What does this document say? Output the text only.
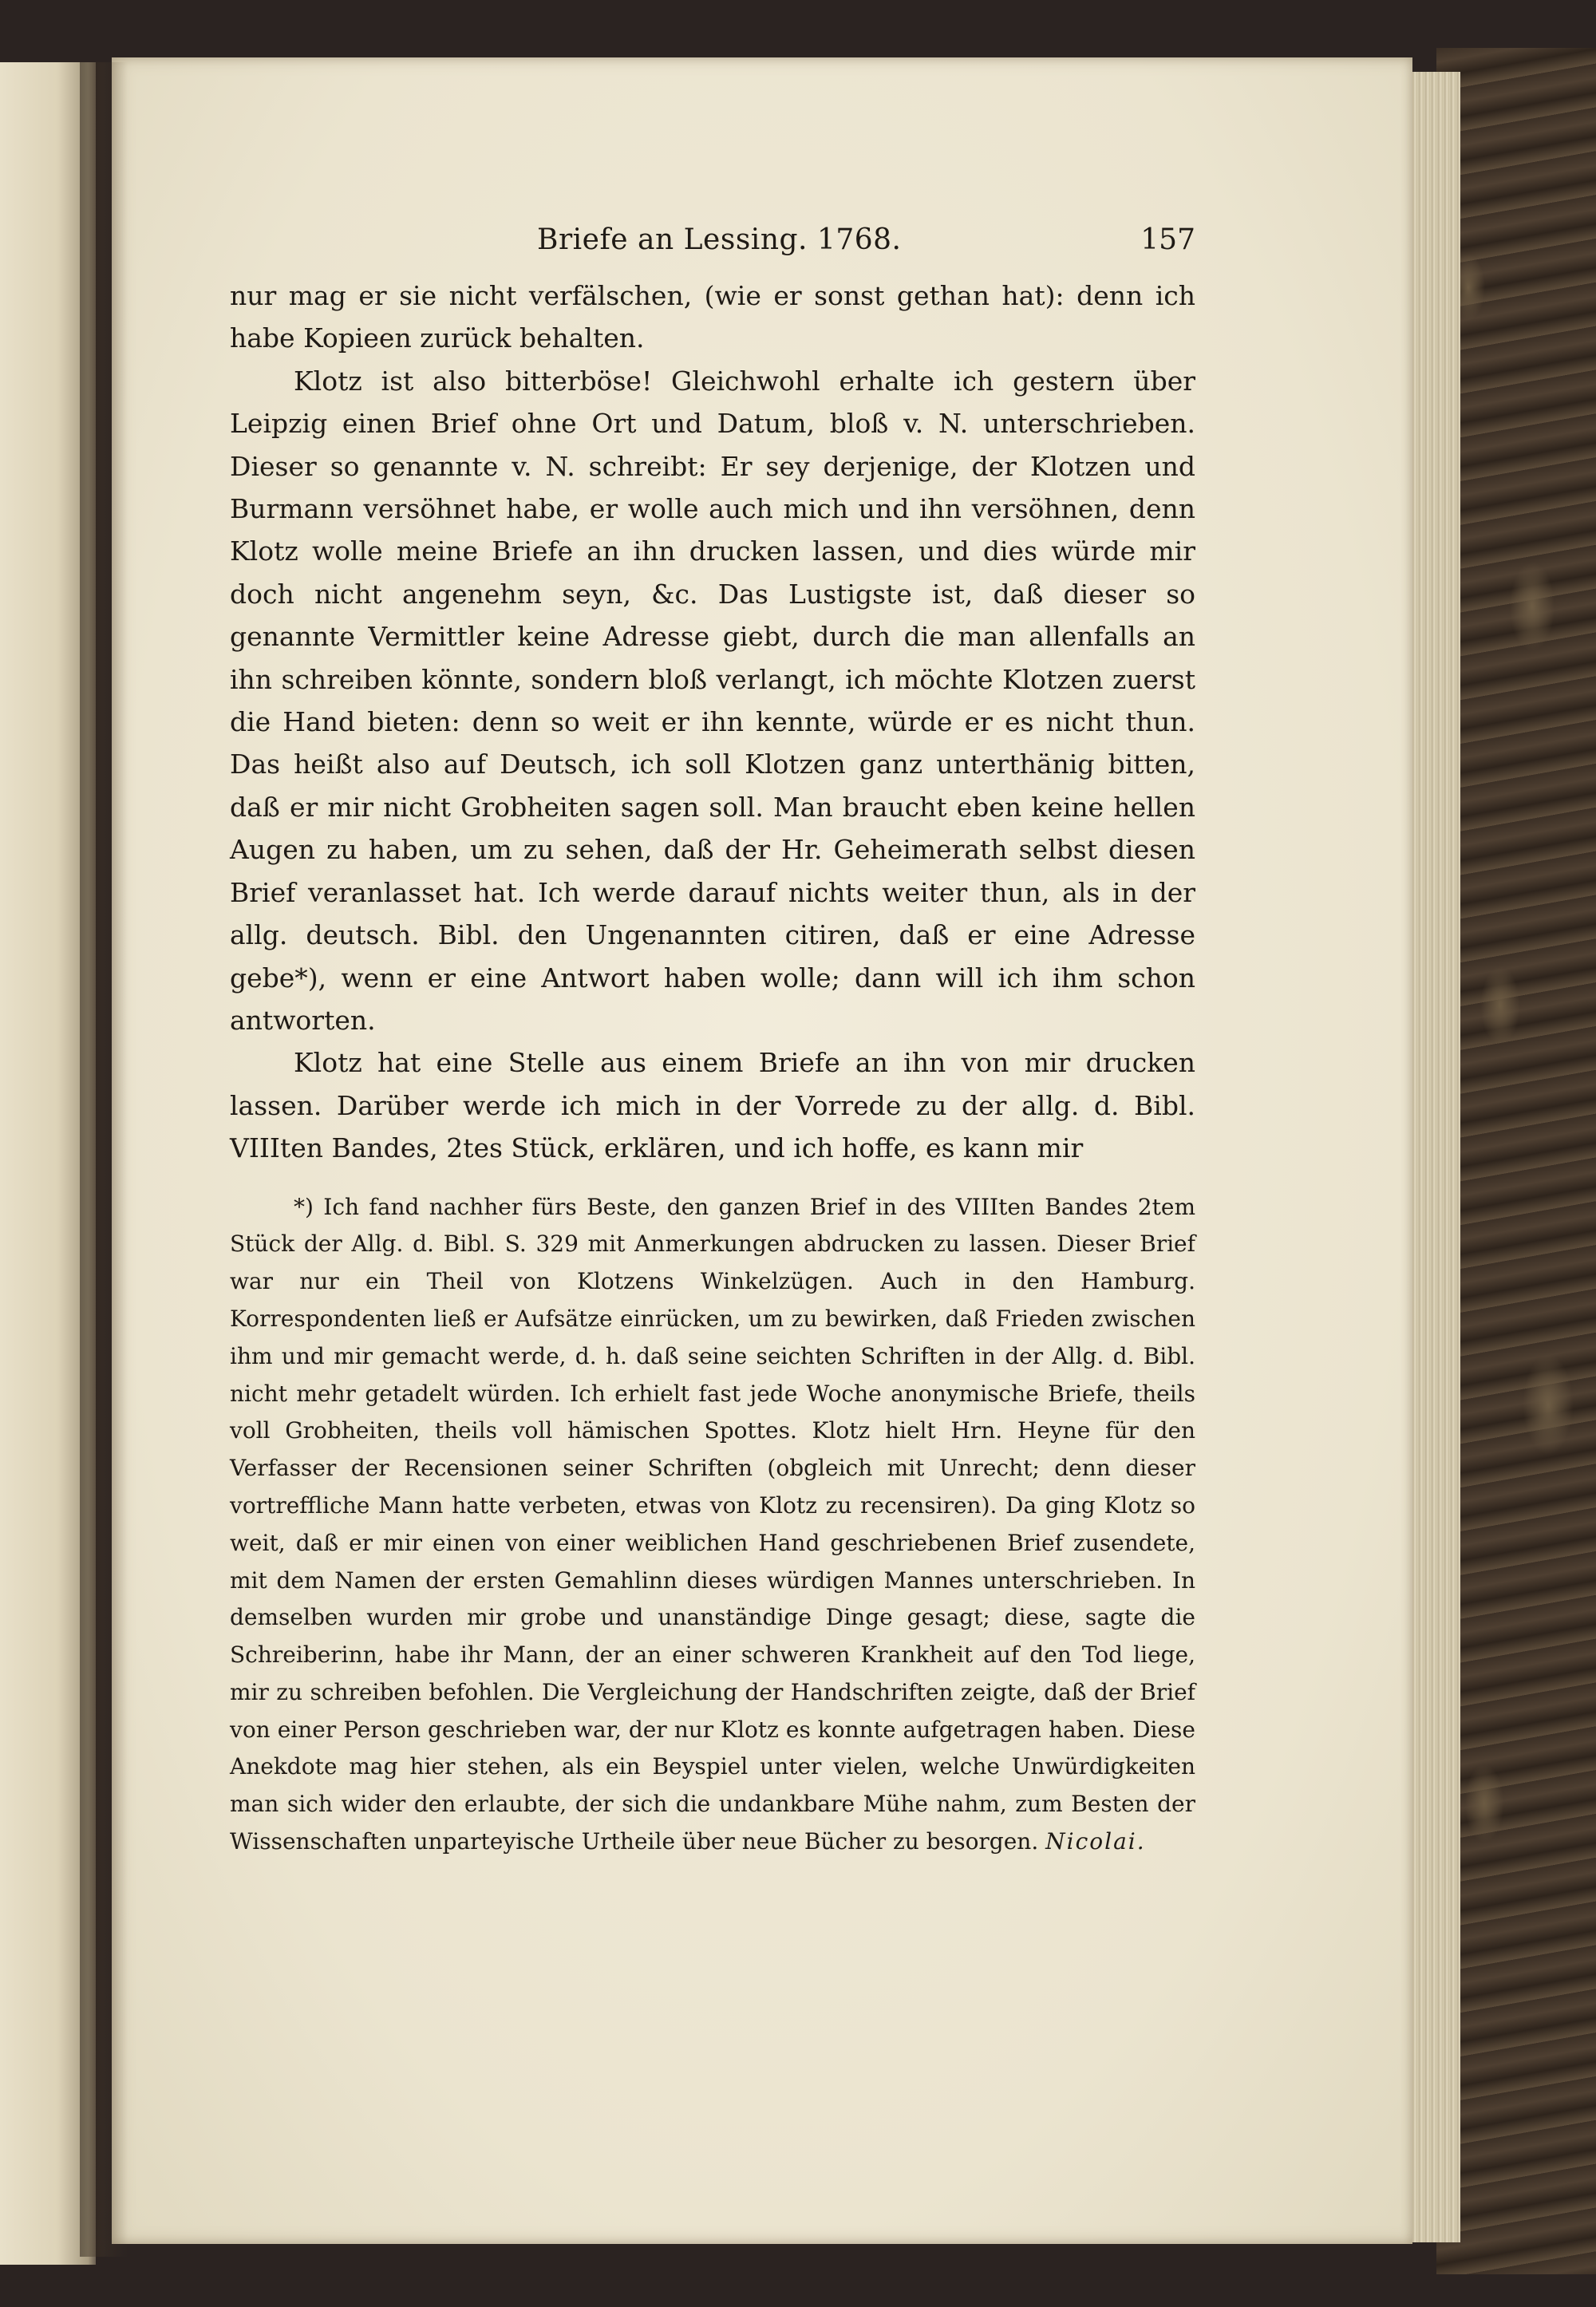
Briefe an Lessing. 1768.	157

nur mag er sie nicht verfälschen, (wie er sonst gethan hat): denn ich habe Kopieen zurück behalten.

Klotz ist also bitterböse! Gleichwohl erhalte ich gestern über Leipzig einen Brief ohne Ort und Datum, bloß v. N. unterschrieben. Dieser so genannte v. N. schreibt: Er sey derjenige, der Klotzen und Burmann versöhnet habe, er wolle auch mich und ihn versöhnen, denn Klotz wolle meine Briefe an ihn drucken lassen, und dies würde mir doch nicht angenehm seyn, &c. Das Lustigste ist, daß dieser so genannte Vermittler keine Adresse giebt, durch die man allenfalls an ihn schreiben könnte, sondern bloß verlangt, ich möchte Klotzen zuerst die Hand bieten: denn so weit er ihn kennte, würde er es nicht thun. Das heißt also auf Deutsch, ich soll Klotzen ganz unterthänig bitten, daß er mir nicht Grobheiten sagen soll. Man braucht eben keine hellen Augen zu haben, um zu sehen, daß der Hr. Geheimerath selbst diesen Brief veranlasset hat. Ich werde darauf nichts weiter thun, als in der allg. deutsch. Bibl. den Ungenannten citiren, daß er eine Adresse gebe*), wenn er eine Antwort haben wolle; dann will ich ihm schon antworten.

Klotz hat eine Stelle aus einem Briefe an ihn von mir drucken lassen. Darüber werde ich mich in der Vorrede zu der allg. d. Bibl. VIIIten Bandes, 2tes Stück, erklären, und ich hoffe, es kann mir

*) Ich fand nachher fürs Beste, den ganzen Brief in des VIIIten Bandes 2tem Stück der Allg. d. Bibl. S. 329 mit Anmerkungen abdrucken zu lassen. Dieser Brief war nur ein Theil von Klotzens Winkelzügen. Auch in den Hamburg. Korrespondenten ließ er Aufsätze einrücken, um zu bewirken, daß Frieden zwischen ihm und mir gemacht werde, d. h. daß seine seichten Schriften in der Allg. d. Bibl. nicht mehr getadelt würden. Ich erhielt fast jede Woche anonymische Briefe, theils voll Grobheiten, theils voll hämischen Spottes. Klotz hielt Hrn. Heyne für den Verfasser der Recensionen seiner Schriften (obgleich mit Unrecht; denn dieser vortreffliche Mann hatte verbeten, etwas von Klotz zu recensiren). Da ging Klotz so weit, daß er mir einen von einer weiblichen Hand geschriebenen Brief zusendete, mit dem Namen der ersten Gemahlinn dieses würdigen Mannes unterschrieben. In demselben wurden mir grobe und unanständige Dinge gesagt; diese, sagte die Schreiberinn, habe ihr Mann, der an einer schweren Krankheit auf den Tod liege, mir zu schreiben befohlen. Die Vergleichung der Handschriften zeigte, daß der Brief von einer Person geschrieben war, der nur Klotz es konnte aufgetragen haben. Diese Anekdote mag hier stehen, als ein Beyspiel unter vielen, welche Unwürdigkeiten man sich wider den erlaubte, der sich die undankbare Mühe nahm, zum Besten der Wissenschaften unparteyische Urtheile über neue Bücher zu besorgen. Nicolai.
